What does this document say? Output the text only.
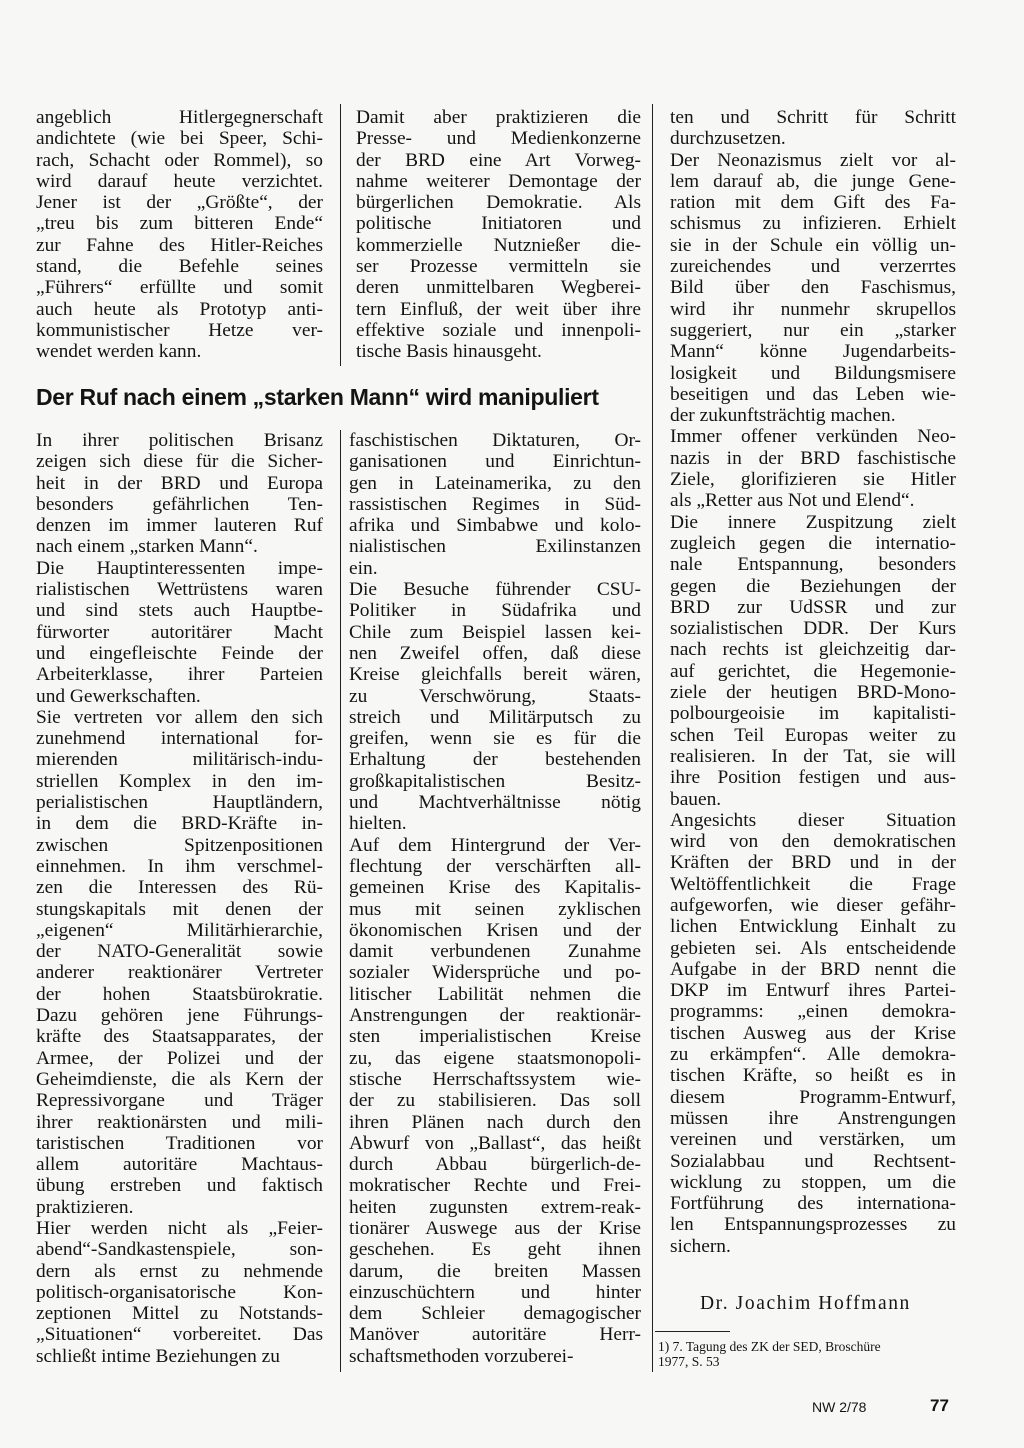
angeblich Hitlergegnerschaft
andichtete (wie bei Speer, Schi-
rach, Schacht oder Rommel), so
wird darauf heute verzichtet.
Jener ist der „Größte“, der
„treu bis zum bitteren Ende“
zur Fahne des Hitler-Reiches
stand, die Befehle seines
„Führers“ erfüllte und somit
auch heute als Prototyp anti-
kommunistischer Hetze ver-
wendet werden kann.
Damit aber praktizieren die
Presse- und Medienkonzerne
der BRD eine Art Vorweg-
nahme weiterer Demontage der
bürgerlichen Demokratie. Als
politische Initiatoren und
kommerzielle Nutznießer die-
ser Prozesse vermitteln sie
deren unmittelbaren Wegberei-
tern Einfluß, der weit über ihre
effektive soziale und innenpoli-
tische Basis hinausgeht.
Der Ruf nach einem „starken Mann“ wird manipuliert
In ihrer politischen Brisanz
zeigen sich diese für die Sicher-
heit in der BRD und Europa
besonders gefährlichen Ten-
denzen im immer lauteren Ruf
nach einem „starken Mann“.
Die Hauptinteressenten impe-
rialistischen Wettrüstens waren
und sind stets auch Hauptbe-
fürworter autoritärer Macht
und eingefleischte Feinde der
Arbeiterklasse, ihrer Parteien
und Gewerkschaften.
Sie vertreten vor allem den sich
zunehmend international for-
mierenden militärisch-indu-
striellen Komplex in den im-
perialistischen Hauptländern,
in dem die BRD-Kräfte in-
zwischen Spitzenpositionen
einnehmen. In ihm verschmel-
zen die Interessen des Rü-
stungskapitals mit denen der
„eigenen“ Militärhierarchie,
der NATO-Generalität sowie
anderer reaktionärer Vertreter
der hohen Staatsbürokratie.
Dazu gehören jene Führungs-
kräfte des Staatsapparates, der
Armee, der Polizei und der
Geheimdienste, die als Kern der
Repressivorgane und Träger
ihrer reaktionärsten und mili-
taristischen Traditionen vor
allem autoritäre Machtaus-
übung erstreben und faktisch
praktizieren.
Hier werden nicht als „Feier-
abend“-Sandkastenspiele, son-
dern als ernst zu nehmende
politisch-organisatorische Kon-
zeptionen Mittel zu Notstands-
„Situationen“ vorbereitet. Das
schließt intime Beziehungen zu
faschistischen Diktaturen, Or-
ganisationen und Einrichtun-
gen in Lateinamerika, zu den
rassistischen Regimes in Süd-
afrika und Simbabwe und kolo-
nialistischen Exilinstanzen
ein.
Die Besuche führender CSU-
Politiker in Südafrika und
Chile zum Beispiel lassen kei-
nen Zweifel offen, daß diese
Kreise gleichfalls bereit wären,
zu Verschwörung, Staats-
streich und Militärputsch zu
greifen, wenn sie es für die
Erhaltung der bestehenden
großkapitalistischen Besitz-
und Machtverhältnisse nötig
hielten.
Auf dem Hintergrund der Ver-
flechtung der verschärften all-
gemeinen Krise des Kapitalis-
mus mit seinen zyklischen
ökonomischen Krisen und der
damit verbundenen Zunahme
sozialer Widersprüche und po-
litischer Labilität nehmen die
Anstrengungen der reaktionär-
sten imperialistischen Kreise
zu, das eigene staatsmonopoli-
stische Herrschaftssystem wie-
der zu stabilisieren. Das soll
ihren Plänen nach durch den
Abwurf von „Ballast“, das heißt
durch Abbau bürgerlich-de-
mokratischer Rechte und Frei-
heiten zugunsten extrem-reak-
tionärer Auswege aus der Krise
geschehen. Es geht ihnen
darum, die breiten Massen
einzuschüchtern und hinter
dem Schleier demagogischer
Manöver autoritäre Herr-
schaftsmethoden vorzuberei-
ten und Schritt für Schritt
durchzusetzen.
Der Neonazismus zielt vor al-
lem darauf ab, die junge Gene-
ration mit dem Gift des Fa-
schismus zu infizieren. Erhielt
sie in der Schule ein völlig un-
zureichendes und verzerrtes
Bild über den Faschismus,
wird ihr nunmehr skrupellos
suggeriert, nur ein „starker
Mann“ könne Jugendarbeits-
losigkeit und Bildungsmisere
beseitigen und das Leben wie-
der zukunftsträchtig machen.
Immer offener verkünden Neo-
nazis in der BRD faschistische
Ziele, glorifizieren sie Hitler
als „Retter aus Not und Elend“.
Die innere Zuspitzung zielt
zugleich gegen die internatio-
nale Entspannung, besonders
gegen die Beziehungen der
BRD zur UdSSR und zur
sozialistischen DDR. Der Kurs
nach rechts ist gleichzeitig dar-
auf gerichtet, die Hegemonie-
ziele der heutigen BRD-Mono-
polbourgeoisie im kapitalisti-
schen Teil Europas weiter zu
realisieren. In der Tat, sie will
ihre Position festigen und aus-
bauen.
Angesichts dieser Situation
wird von den demokratischen
Kräften der BRD und in der
Weltöffentlichkeit die Frage
aufgeworfen, wie dieser gefähr-
lichen Entwicklung Einhalt zu
gebieten sei. Als entscheidende
Aufgabe in der BRD nennt die
DKP im Entwurf ihres Partei-
programms: „einen demokra-
tischen Ausweg aus der Krise
zu erkämpfen“. Alle demokra-
tischen Kräfte, so heißt es in
diesem Programm-Entwurf,
müssen ihre Anstrengungen
vereinen und verstärken, um
Sozialabbau und Rechtsent-
wicklung zu stoppen, um die
Fortführung des internationa-
len Entspannungsprozesses zu
sichern.
Dr. Joachim Hoffmann
1) 7. Tagung des ZK der SED, Broschüre
1977, S. 53
NW 2/78	77
